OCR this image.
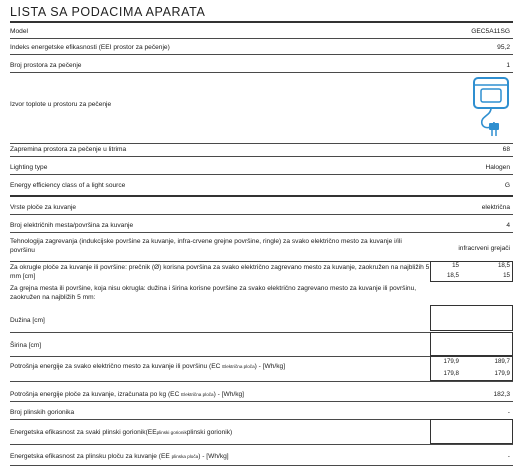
LISTA SA PODACIMA APARATA
Model	GEC5A11SG
Indeks energetske efikasnosti (EEI prostor za pečenje)	95,2
Broj prostora za pečenje	1
Izvor toplote u prostoru za pečenje
Zapremina prostora za pečenje u litrima	68
Lighting type	Halogen
Energy efficiency class of a light source	G
Vrste ploče za kuvanje	električna
Broj električnih mesta/površina za kuvanje	4
Tehnologija zagrevanja (indukcijske površine za kuvanje, infra-crvene grejne površine, ringle) za svako električno mesto za kuvanje i/ili površinu	infracrveni grejači
Za okrugle ploče za kuvanje ili površine: prečnik (Ø) korisna površina za svako električno zagrevano mesto za kuvanje, zaokružen na najbližih 5 mm [cm]
15	18,5
18,5	15
Za grejna mesta ili površine, koja nisu okrugla: dužina i širina korisne površine za svako električno zagrevano mesto za kuvanje ili površinu, zaokružen na najbližih 5 mm:
Dužina [cm]
Širina [cm]
Potrošnja energije za svako električno mesto za kuvanje ili površinu (EC Električna ploča) - [Wh/kg]
179,9	189,7
179,8	179,9
Potrošnja energije ploče za kuvanje, izračunata po kg (EC Električna ploča) - [Wh/kg]	182,3
Broj plinskih gorionika	-
Energetska efikasnost za svaki plinski gorionik(EEplinski gorionikplinski gorionik)
Energetska efikasnost za plinsku ploču za kuvanje (EE plinska ploča) - [Wh/kg]	-
